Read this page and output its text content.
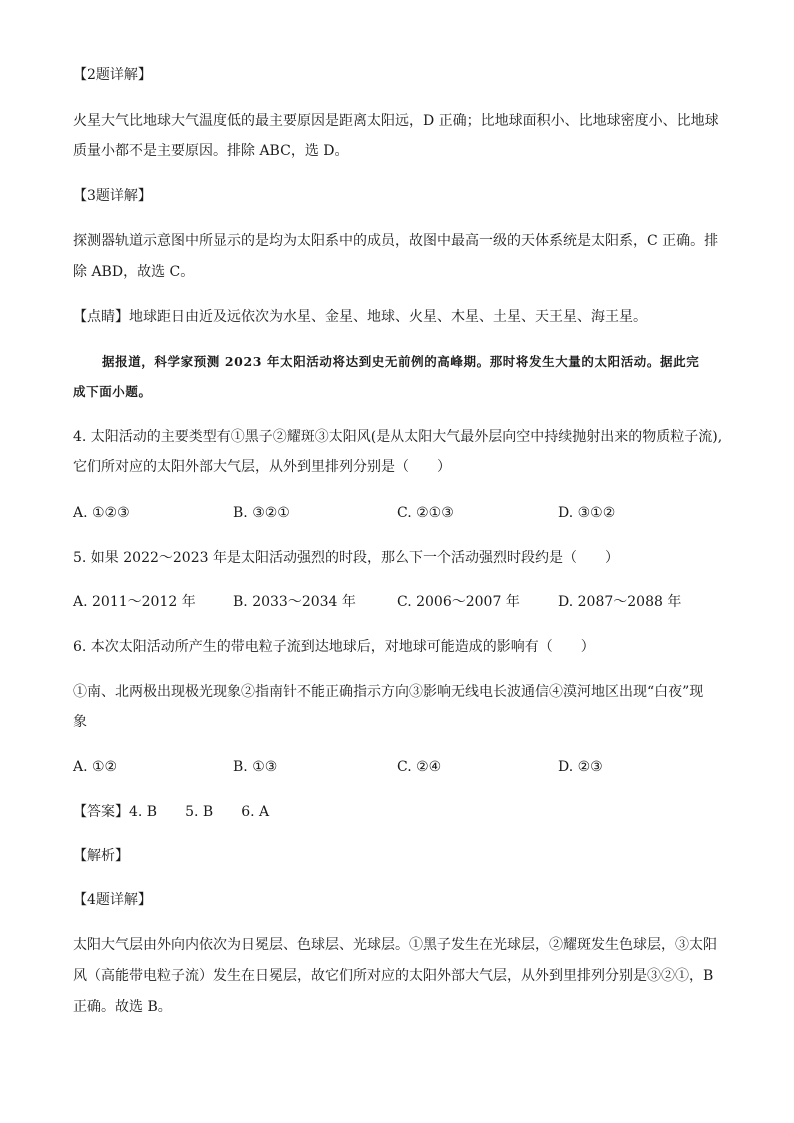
【2题详解】
火星大气比地球大气温度低的最主要原因是距离太阳远，D 正确；比地球面积小、比地球密度小、比地球
质量小都不是主要原因。排除 ABC，选 D。
【3题详解】
探测器轨道示意图中所显示的是均为太阳系中的成员，故图中最高一级的天体系统是太阳系，C 正确。排
除 ABD，故选 C。
【点睛】地球距日由近及远依次为水星、金星、地球、火星、木星、土星、天王星、海王星。
据报道，科学家预测 2023 年太阳活动将达到史无前例的高峰期。那时将发生大量的太阳活动。据此完
成下面小题。
4. 太阳活动的主要类型有①黑子②耀斑③太阳风(是从太阳大气最外层向空中持续抛射出来的物质粒子流),
它们所对应的太阳外部大气层，从外到里排列分别是（　　）
A. ①②③	B. ③②①	C. ②①③	D. ③①②
5. 如果 2022～2023 年是太阳活动强烈的时段，那么下一个活动强烈时段约是（　　）
A. 2011～2012 年	B. 2033～2034 年	C. 2006～2007 年	D. 2087～2088 年
6. 本次太阳活动所产生的带电粒子流到达地球后，对地球可能造成的影响有（　　）
①南、北两极出现极光现象②指南针不能正确指示方向③影响无线电长波通信④漠河地区出现“白夜”现
象
A. ①②	B. ①③	C. ②④	D. ②③
【答案】4. B　　5. B　　6. A
【解析】
【4题详解】
太阳大气层由外向内依次为日冕层、色球层、光球层。①黑子发生在光球层，②耀斑发生色球层，③太阳
风（高能带电粒子流）发生在日冕层，故它们所对应的太阳外部大气层，从外到里排列分别是③②①，B
正确。故选 B。
